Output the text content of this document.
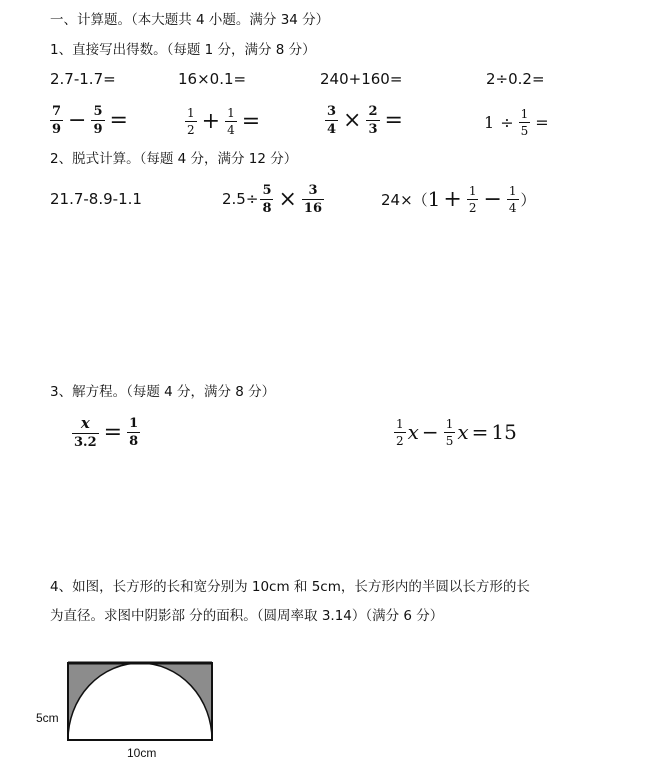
一、计算题。（本大题共 4 小题。满分 34 分）
1、直接写出得数。（每题 1 分，满分 8 分）
2.7-1.7=	16×0.1=	240+160=	2÷0.2=
$\frac{7}{9} - \frac{5}{9}$ =	$\frac{1}{2} + \frac{1}{4}$ =	$\frac{3}{4} \times \frac{2}{3}$ =	$1 \div \frac{1}{5}$ =
2、脱式计算。（每题 4 分，满分 12 分）
21.7-8.9-1.1	$2.5\div \frac{5}{8} \times \frac{3}{16}$	24×（ $1 + \frac{1}{2} - \frac{1}{4}$ ）
3、解方程。（每题 4 分，满分 8 分）
$\frac{x}{3.2} = \frac{1}{8}$	$\frac{1}{2}$ $x - \frac{1}{5}$ x = 15
4、如图，长方形的长和宽分别为 10cm 和 5cm，长方形内的半圆以长方形的长
为直径。求图中阴影部 分的面积。（圆周率取 3.14）（满分 6 分）
5cm
10cm
